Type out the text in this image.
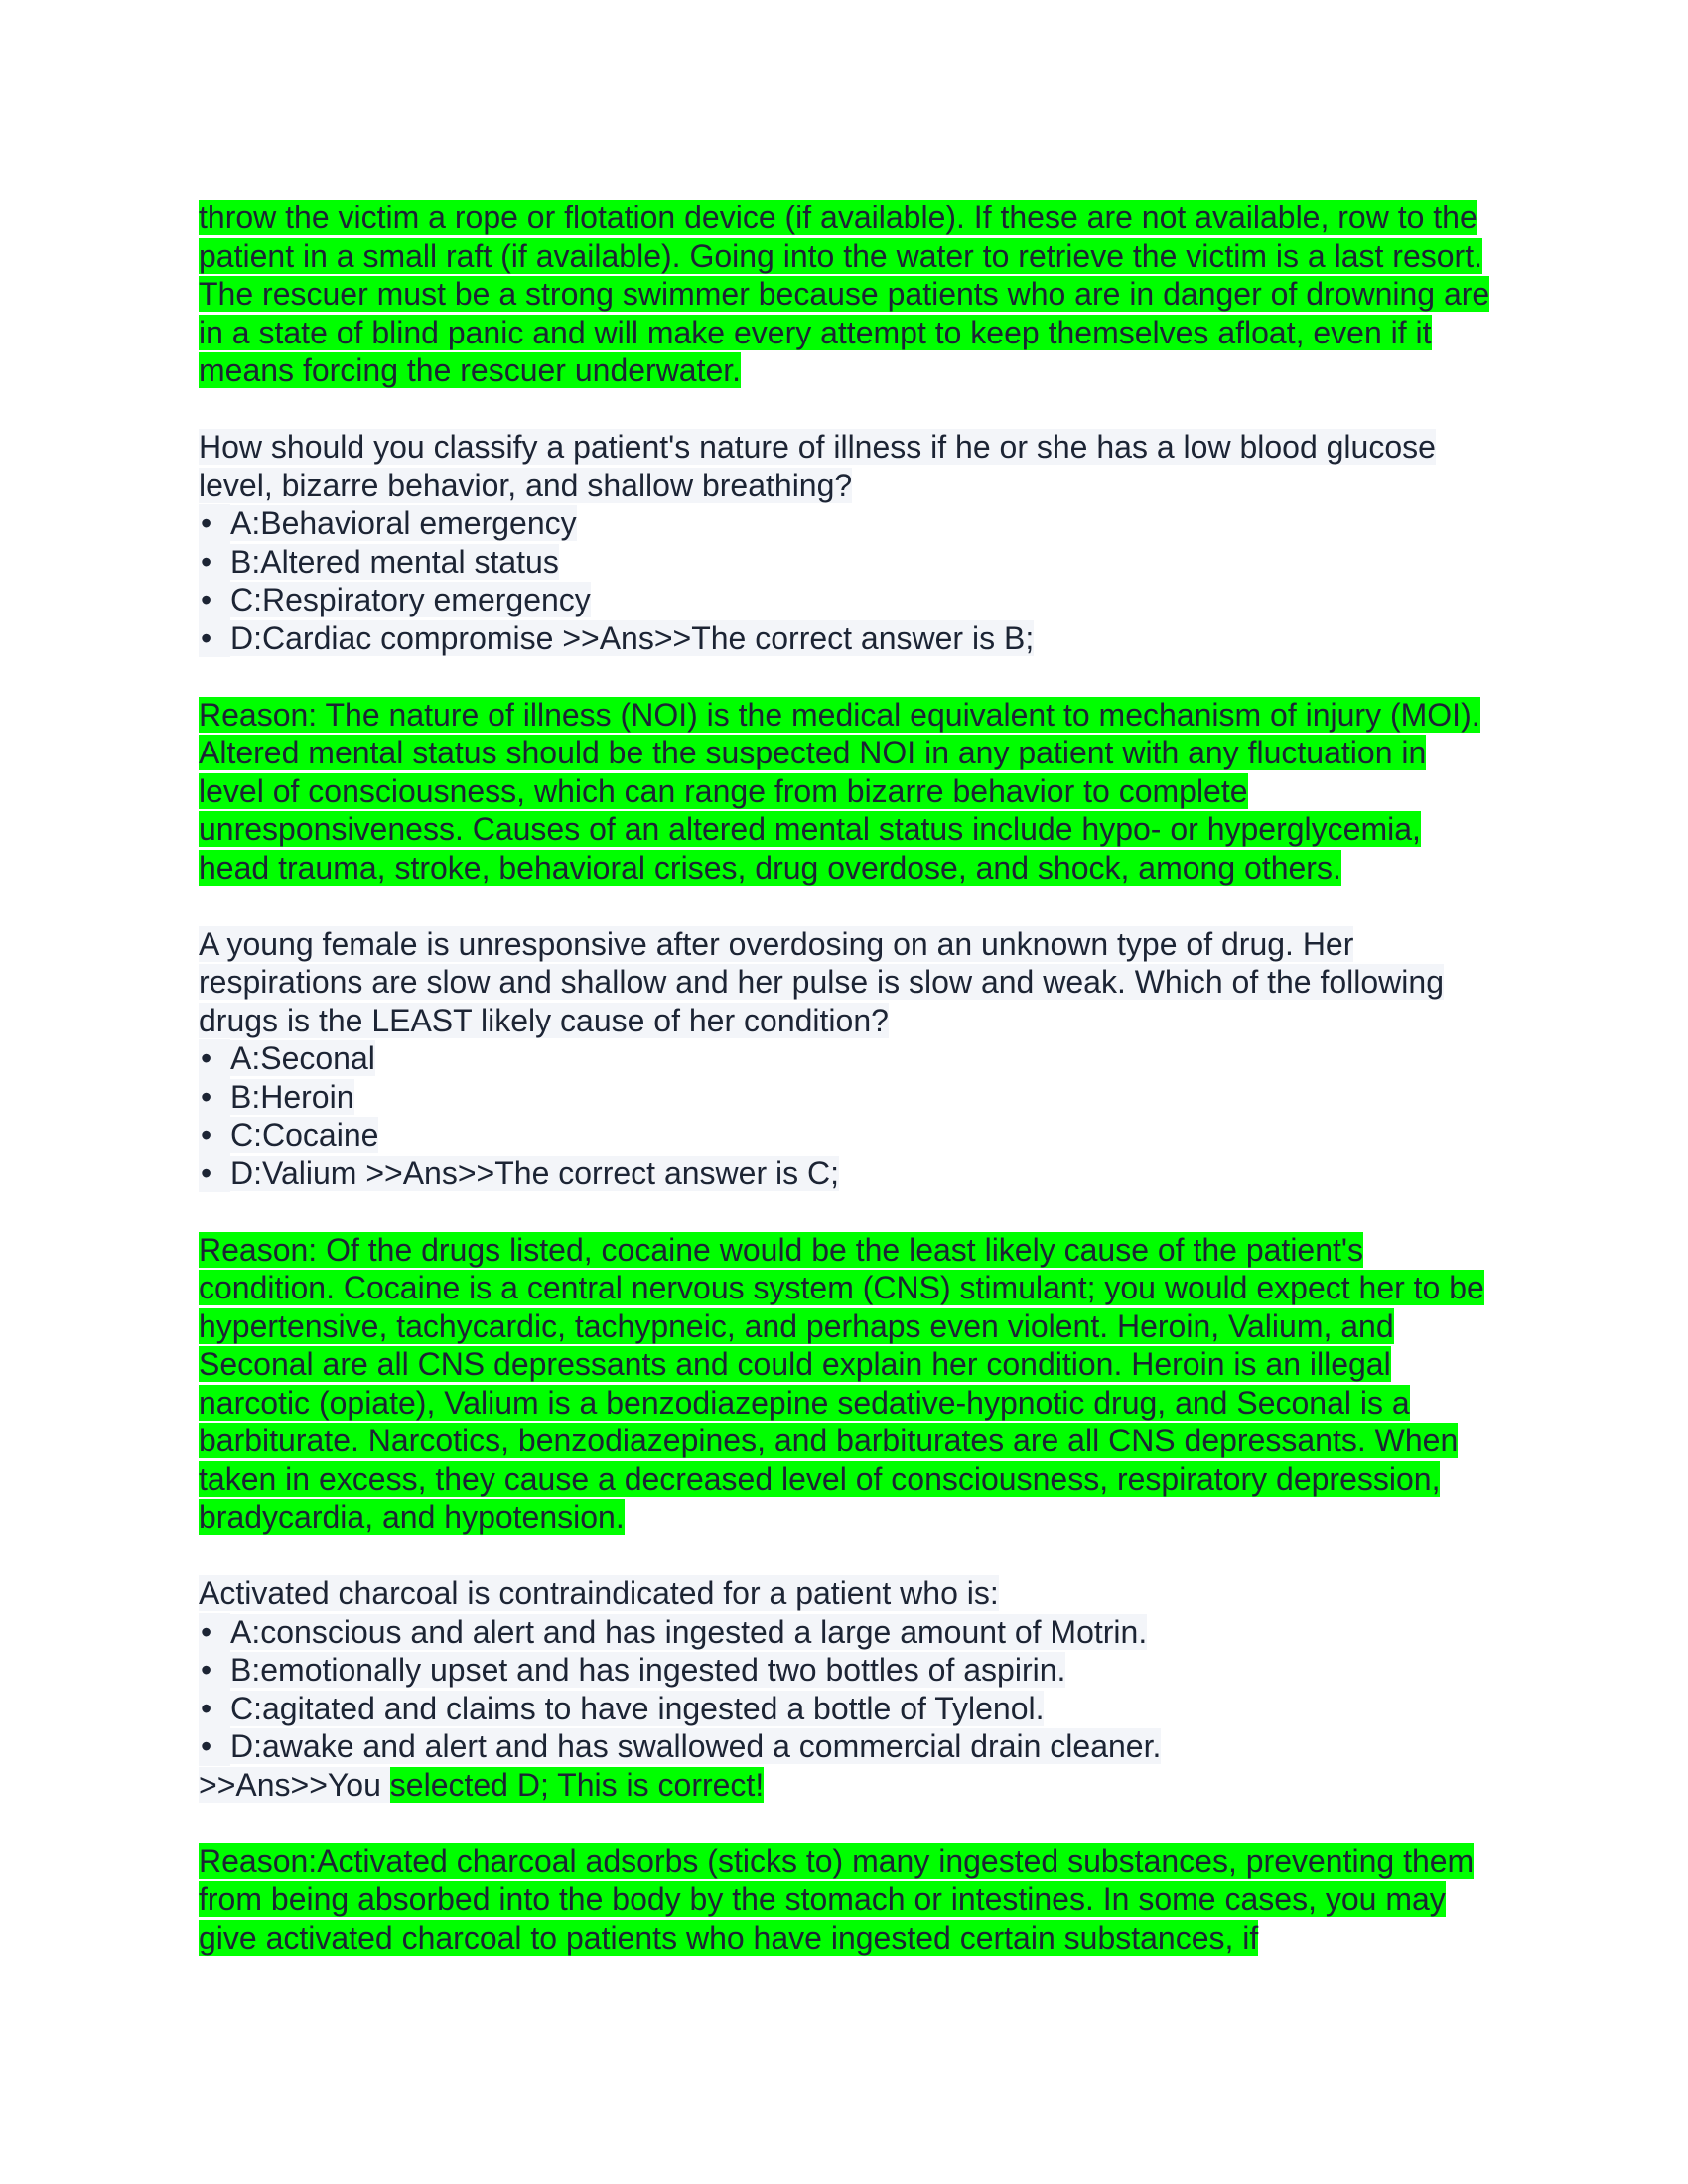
throw the victim a rope or flotation device (if available). If these are not available, row to the patient in a small raft (if available). Going into the water to retrieve the victim is a last resort. The rescuer must be a strong swimmer because patients who are in danger of drowning are in a state of blind panic and will make every attempt to keep themselves afloat, even if it means forcing the rescuer underwater.

How should you classify a patient's nature of illness if he or she has a low blood glucose level, bizarre behavior, and shallow breathing?
• A:Behavioral emergency
• B:Altered mental status
• C:Respiratory emergency
• D:Cardiac compromise >>Ans>>The correct answer is B;

Reason: The nature of illness (NOI) is the medical equivalent to mechanism of injury (MOI). Altered mental status should be the suspected NOI in any patient with any fluctuation in level of consciousness, which can range from bizarre behavior to complete unresponsiveness. Causes of an altered mental status include hypo- or hyperglycemia, head trauma, stroke, behavioral crises, drug overdose, and shock, among others.

A young female is unresponsive after overdosing on an unknown type of drug. Her respirations are slow and shallow and her pulse is slow and weak. Which of the following drugs is the LEAST likely cause of her condition?
• A:Seconal
• B:Heroin
• C:Cocaine
• D:Valium >>Ans>>The correct answer is C;

Reason: Of the drugs listed, cocaine would be the least likely cause of the patient's condition. Cocaine is a central nervous system (CNS) stimulant; you would expect her to be hypertensive, tachycardic, tachypneic, and perhaps even violent. Heroin, Valium, and Seconal are all CNS depressants and could explain her condition. Heroin is an illegal narcotic (opiate), Valium is a benzodiazepine sedative-hypnotic drug, and Seconal is a barbiturate. Narcotics, benzodiazepines, and barbiturates are all CNS depressants. When taken in excess, they cause a decreased level of consciousness, respiratory depression, bradycardia, and hypotension.

Activated charcoal is contraindicated for a patient who is:
• A:conscious and alert and has ingested a large amount of Motrin.
• B:emotionally upset and has ingested two bottles of aspirin.
• C:agitated and claims to have ingested a bottle of Tylenol.
• D:awake and alert and has swallowed a commercial drain cleaner.

>>Ans>>You selected D; This is correct!

Reason:Activated charcoal adsorbs (sticks to) many ingested substances, preventing them from being absorbed into the body by the stomach or intestines. In some cases, you may give activated charcoal to patients who have ingested certain substances, if
